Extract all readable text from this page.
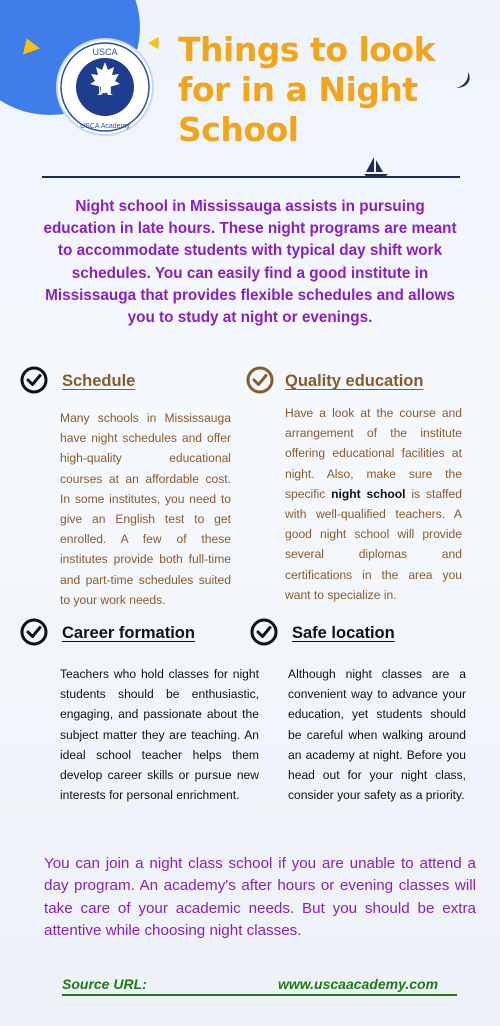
M
USCA
USCA Academy
Things to look
for in a Night
School

Night school in Mississauga assists in pursuing education in late hours. These night programs are meant to accommodate students with typical day shift work schedules. You can easily find a good institute in Mississauga that provides flexible schedules and allows you to study at night or evenings.

Schedule

Many schools in Mississauga have night schedules and offer high-quality educational courses at an affordable cost. In some institutes, you need to give an English test to get enrolled. A few of these institutes provide both full-time and part-time schedules suited to your work needs.

Quality education

Have a look at the course and arrangement of the institute offering educational facilities at night. Also, make sure the specific night school is staffed with well-qualified teachers. A good night school will provide several diplomas and certifications in the area you want to specialize in.

Career formation

Teachers who hold classes for night students should be enthusiastic, engaging, and passionate about the subject matter they are teaching. An ideal school teacher helps them develop career skills or pursue new interests for personal enrichment.

Safe location

Although night classes are a convenient way to advance your education, yet students should be careful when walking around an academy at night. Before you head out for your night class, consider your safety as a priority.

You can join a night class school if you are unable to attend a day program. An academy's after hours or evening classes will take care of your academic needs. But you should be extra attentive while choosing night classes.

Source URL:	www.uscaacademy.com
